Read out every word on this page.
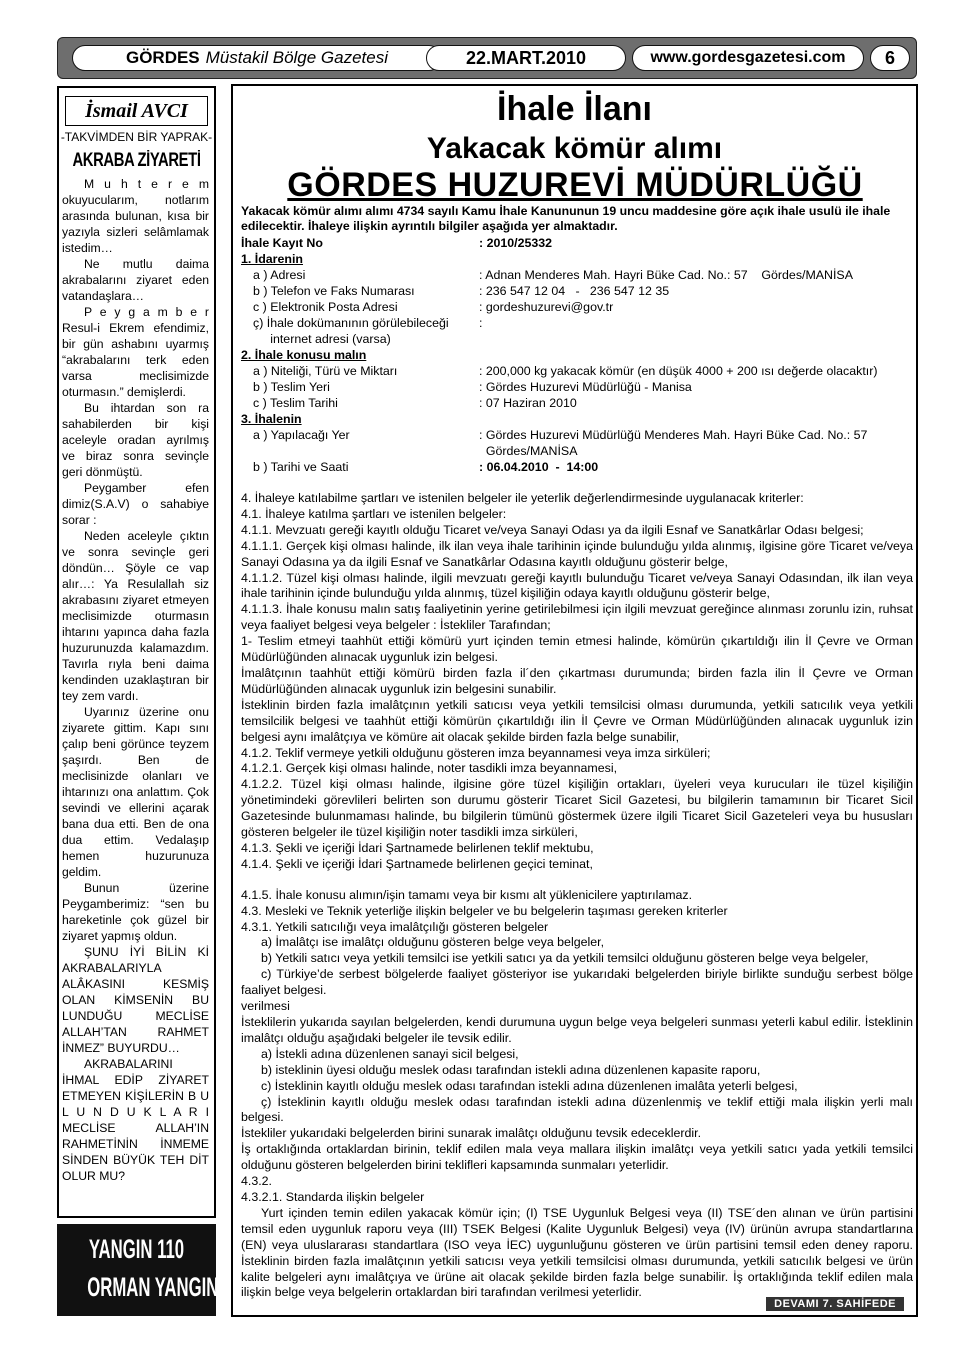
GÖRDES Müstakil Bölge Gazetesi	22.MART.2010	www.gordesgazetesi.com	6
İsmail AVCI
-TAKVİMDEN BİR YAPRAK-
AKRABA ZİYARETİ

M u h t e r e m okuyucularım, notlarım arasında bulunan, kısa bir yazıyla sizleri selâmlamak istedim…

Ne mutlu daima akrabalarını ziyaret eden vatandaşlara…

P e y g a m b e r Resul-i Ekrem efendimiz, bir gün ashabını uyarmış “akrabalarını terk eden varsa meclisimizde oturmasın.” demişlerdi.

Bu ihtardan son ra sahabilerden bir kişi aceleyle oradan ayrılmış ve biraz sonra sevinçle geri dönmüştü.

Peygamber efen dimiz(S.A.V) o sahabiye sorar :

Neden aceleyle çıktın ve sonra sevinçle geri döndün… Şöyle ce vap alır…: Ya Resulallah siz akrabasını ziyaret etmeyen meclisimizde oturmasın ihtarını yapınca daha fazla huzurunuzda kalamazdım. Tavırla rıyla beni daima kendinden uzaklaştıran bir tey zem vardı.

Uyarınız üzerine onu ziyarete gittim. Kapı sını çalıp beni görünce teyzem şaşırdı. Ben de meclisinizde olanları ve ihtarınızı ona anlattım. Çok sevindi ve ellerini açarak bana dua etti. Ben de ona dua ettim. Vedalaşıp hemen huzurunuza geldim.

Bunun üzerine Peygamberimiz: “sen bu hareketinle çok güzel bir ziyaret yapmış oldun.

ŞUNU İYİ BİLİN Kİ AKRABALARIYLA ALÂKASINI KESMİŞ OLAN KİMSENİN BU LUNDUĞU MECLİSE ALLAH’TAN RAHMET İNMEZ” BUYURDU…

AKRABALARINI İHMAL EDİP ZİYARET ETMEYEN KİŞİLERİN B U L U N D U K L A R I MECLİSE ALLAH’IN RAHMETİNİN İNMEME SİNDEN BÜYÜK TEH DİT OLUR MU?

YANGIN 110
ORMAN YANGIN 177
İhale İlanı
Yakacak kömür alımı
GÖRDES HUZUREVİ MÜDÜRLÜĞÜ
Yakacak kömür alımı alımı 4734 sayılı Kamu İhale Kanununun 19 uncu maddesine göre açık ihale usulü ile ihale edilecektir. İhaleye ilişkin ayrıntılı bilgiler aşağıda yer almaktadır.
İhale Kayıt No	: 2010/25332
1. İdarenin
a ) Adresi	: Adnan Menderes Mah. Hayri Büke Cad. No.: 57    Gördes/MANİSA
b ) Telefon ve Faks Numarası	: 236 547 12 04   -   236 547 12 35
c ) Elektronik Posta Adresi	: gordeshuzurevi@gov.tr
ç) İhale dokümanının görülebileceği :
internet adresi (varsa)
2. İhale konusu malın
a ) Niteliği, Türü ve Miktarı	: 200,000 kg yakacak kömür (en düşük 4000 + 200 ısı değerde olacaktır)
b ) Teslim Yeri	: Gördes Huzurevi Müdürlüğü - Manisa
c ) Teslim Tarihi	: 07 Haziran 2010
3. İhalenin
a ) Yapılacağı Yer	: Gördes Huzurevi Müdürlüğü Menderes Mah. Hayri Büke Cad. No.: 57
Gördes/MANİSA
b ) Tarihi ve Saati	: 06.04.2010  -  14:00

4. İhaleye katılabilme şartları ve istenilen belgeler ile yeterlik değerlendirmesinde uygulanacak kriterler:

4.1. İhaleye katılma şartları ve istenilen belgeler:

4.1.1. Mevzuatı gereği kayıtlı olduğu Ticaret ve/veya Sanayi Odası ya da ilgili Esnaf ve Sanatkârlar Odası belgesi;

4.1.1.1. Gerçek kişi olması halinde, ilk ilan veya ihale tarihinin içinde bulunduğu yılda alınmış, ilgisine göre Ticaret ve/veya Sanayi Odasına ya da ilgili Esnaf ve Sanatkârlar Odasına kayıtlı olduğunu gösterir belge,

4.1.1.2. Tüzel kişi olması halinde, ilgili mevzuatı gereği kayıtlı bulunduğu Ticaret ve/veya Sanayi Odasından, ilk ilan veya ihale tarihinin içinde bulunduğu yılda alınmış, tüzel kişiliğin odaya kayıtlı olduğunu gösterir belge,

4.1.1.3. İhale konusu malın satış faaliyetinin yerine getirilebilmesi için ilgili mevzuat gereğince alınması zorunlu izin, ruhsat veya faaliyet belgesi veya belgeler : İstekliler Tarafından;

1- Teslim etmeyi taahhüt ettiği kömürü yurt içinden temin etmesi halinde, kömürün çıkartıldığı ilin İl Çevre ve Orman Müdürlüğünden alınacak uygunluk izin belgesi.

İmalâtçının taahhüt ettiği kömürü birden fazla il´den çıkartması durumunda; birden fazla ilin İl Çevre ve Orman Müdürlüğünden alınacak uygunluk izin belgesini sunabilir.

İsteklinin birden fazla imalâtçının yetkili satıcısı veya yetkili temsilcisi olması durumunda, yetkili satıcılık veya yetkili temsilcilik belgesi ve taahhüt ettiği kömürün çıkartıldığı ilin İl Çevre ve Orman Müdürlüğünden alınacak uygunluk izin belgesi aynı imalâtçıya ve kömüre ait olacak şekilde birden fazla belge sunabilir,

4.1.2. Teklif vermeye yetkili olduğunu gösteren imza beyannamesi veya imza sirküleri;

4.1.2.1. Gerçek kişi olması halinde, noter tasdikli imza beyannamesi,

4.1.2.2. Tüzel kişi olması halinde, ilgisine göre tüzel kişiliğin ortakları, üyeleri veya kurucuları ile tüzel kişiliğin yönetimindeki görevlileri belirten son durumu gösterir Ticaret Sicil Gazetesi, bu bilgilerin tamamının bir Ticaret Sicil Gazetesinde bulunmaması halinde, bu bilgilerin tümünü göstermek üzere ilgili Ticaret Sicil Gazeteleri veya bu hususları gösteren belgeler ile tüzel kişiliğin noter tasdikli imza sirküleri,

4.1.3. Şekli ve içeriği İdari Şartnamede belirlenen teklif mektubu,

4.1.4. Şekli ve içeriği İdari Şartnamede belirlenen geçici teminat,

4.1.5. İhale konusu alımın/işin tamamı veya bir kısmı alt yüklenicilere yaptırılamaz.

4.3. Mesleki ve Teknik yeterliğe ilişkin belgeler ve bu belgelerin taşıması gereken kriterler

4.3.1. Yetkili satıcılığı veya imalâtçılığı gösteren belgeler

a) İmalâtçı ise imalâtçı olduğunu gösteren belge veya belgeler,

b) Yetkili satıcı veya yetkili temsilci ise yetkili satıcı ya da yetkili temsilci olduğunu gösteren belge veya belgeler,

c) Türkiye’de serbest bölgelerde faaliyet gösteriyor ise yukarıdaki belgelerden biriyle birlikte sunduğu serbest bölge faaliyet belgesi.

verilmesi

İsteklilerin yukarıda sayılan belgelerden, kendi durumuna uygun belge veya belgeleri sunması yeterli kabul edilir. İsteklinin imalâtçı olduğu aşağıdaki belgeler ile tevsik edilir.

a) İstekli adına düzenlenen sanayi sicil belgesi,

b) isteklinin üyesi olduğu meslek odası tarafından istekli adına düzenlenen kapasite raporu,

c) İsteklinin kayıtlı olduğu meslek odası tarafından istekli adına düzenlenen imalâta yeterli belgesi,

ç) İsteklinin kayıtlı olduğu meslek odası tarafından istekli adına düzenlenmiş ve teklif ettiği mala ilişkin yerli malı belgesi.

İstekliler yukarıdaki belgelerden birini sunarak imalâtçı olduğunu tevsik edeceklerdir.

İş ortaklığında ortaklardan birinin, teklif edilen mala veya mallara ilişkin imalâtçı veya yetkili satıcı yada yetkili temsilci olduğunu gösteren belgelerden birini teklifleri kapsamında sunmaları yeterlidir.

4.3.2.

4.3.2.1. Standarda ilişkin belgeler

Yurt içinden temin edilen yakacak kömür için; (I) TSE Uygunluk Belgesi veya (II) TSE´den alınan ve ürün partisini temsil eden uygunluk raporu veya (III) TSEK Belgesi (Kalite Uygunluk Belgesi) veya (IV) ürünün avrupa standartlarına (EN) veya uluslararası standartlara (ISO veya İEC) uygunluğunu gösteren ve ürün partisini temsil eden deney raporu. İsteklinin birden fazla imalâtçının yetkili satıcısı veya yetkili temsilcisi olması durumunda, yetkili satıcılık belgesi ve ürün kalite belgeleri aynı imalâtçıya ve ürüne ait olacak şekilde birden fazla belge sunabilir. İş ortaklığında teklif edilen mala ilişkin belge veya belgelerin ortaklardan biri tarafından verilmesi yeterlidir.

DEVAMI 7. SAHİFEDE
